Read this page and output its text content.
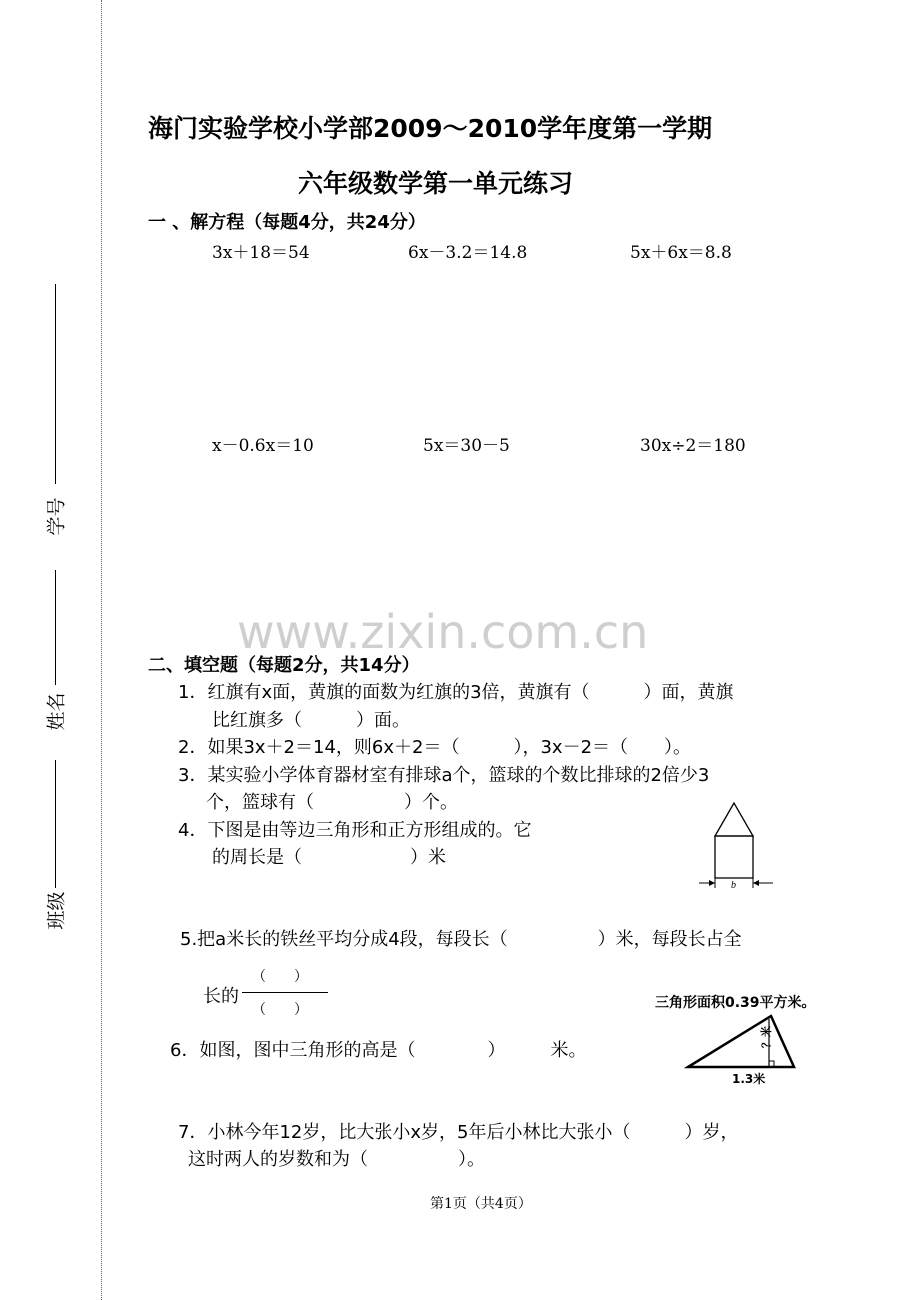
学号
姓名
班级
海门实验学校小学部2009～2010学年度第一学期
六年级数学第一单元练习
一 、解方程（每题4分，共24分）
3x＋18＝54	6x－3.2＝14.8	5x＋6x＝8.8
x－0.6x＝10	5x＝30－5	30x÷2＝180
www.zixin.com.cn
二、填空题（每题2分，共14分）
1．红旗有x面，黄旗的面数为红旗的3倍，黄旗有（　　　）面，黄旗
比红旗多（　　　）面。
2．如果3x＋2＝14，则6x＋2＝（　　　），3x－2＝（　　）。
3．某实验小学体育器材室有排球a个，篮球的个数比排球的2倍少3
个，篮球有（　　　　　）个。
4．下图是由等边三角形和正方形组成的。它
的周长是（　　　　　　）米
b
5.把a米长的铁丝平均分成4段，每段长（　　　　　）米，每段长占全
长的
（　　）
（　　）	三角形面积0.39平方米。
6．如图，图中三角形的高是（　　　　）　　　米。
？米
1.3米
7．小林今年12岁，比大张小x岁，5年后小林比大张小（　　　）岁，
这时两人的岁数和为（　　　　　）。
第1页（共4页）
